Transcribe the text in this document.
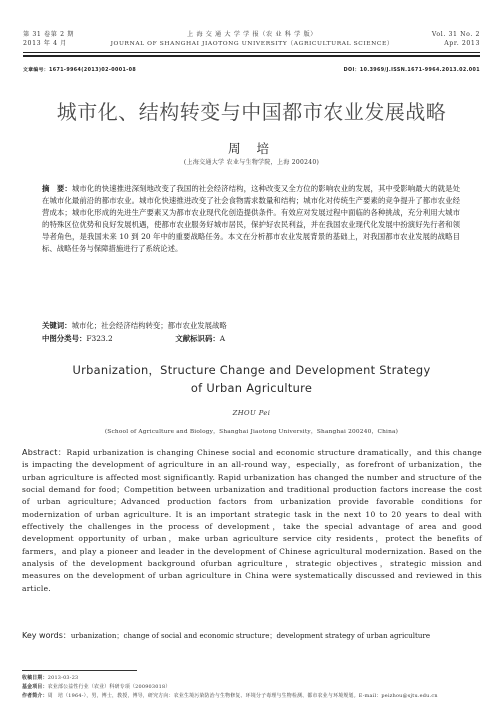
第 31 卷第 2 期
2013 年 4 月
上 海 交 通 大 学 学 报（农 业 科 学 版）
JOURNAL OF SHANGHAI JIAOTONG UNIVERSITY（AGRICULTURAL SCIENCE）
Vol. 31 No. 2
Apr. 2013
文章编号：1671-9964(2013)02-0001-08	DOI：10.3969/J.ISSN.1671-9964.2013.02.001
城市化、结构转变与中国都市农业发展战略
周 培
(上海交通大学 农业与生物学院，上海 200240)
摘　要：城市化的快速推进深刻地改变了我国的社会经济结构，这种改变又全方位的影响农业的发展，其中受影响最大的就是处在城市化最前沿的都市农业。城市化快速推进改变了社会食物需求数量和结构；城市化对传统生产要素的竞争提升了都市农业经营成本；城市化形成的先进生产要素又为都市农业现代化创造提供条件。有效应对发展过程中面临的各种挑战，充分利用大城市的特殊区位优势和良好发展机遇，使都市农业服务好城市居民，保护好农民利益，并在我国农业现代化发展中扮演好先行者和领导者角色，是我国未来 10 到 20 年中的重要战略任务。本文在分析都市农业发展背景的基础上，对我国都市农业发展的战略目标、战略任务与保障措施进行了系统论述。
关键词：城市化；社会经济结构转变；都市农业发展战略
中图分类号：F323.2	文献标识码：A
Urbanization，Structure Change and Development Strategy
of Urban Agriculture
ZHOU Pei
(School of Agriculture and Biology，Shanghai Jiaotong University，Shanghai 200240，China)
Abstract：Rapid urbanization is changing Chinese social and economic structure dramatically，and this change is impacting the development of agriculture in an all-round way，especially，as forefront of urbanization，the urban agriculture is affected most significantly. Rapid urbanization has changed the number and structure of the social demand for food；Competition between urbanization and traditional production factors increase the cost of urban agriculture；Advanced production factors from urbanization provide favorable conditions for modernization of urban agriculture. It is an important strategic task in the next 10 to 20 years to deal with effectively the challenges in the process of development，take the special advantage of area and good development opportunity of urban，make urban agriculture service city residents，protect the benefits of farmers，and play a pioneer and leader in the development of Chinese agricultural modernization. Based on the analysis of the development background ofurban agriculture，strategic objectives，strategic mission and measures on the development of urban agriculture in China were systematically discussed and reviewed in this article.
Key words：urbanization；change of social and economic structure；development strategy of urban agriculture
收稿日期：2013-03-23
基金项目：农业部公益性行业（农业）科研专项（200903018）
作者简介：周　培（1964-），男，博士，教授，博导，研究方向：农业生境污染防治与生物修复、环境分子毒理与生物检测、都市农业与环境规划。E-mail：peizhou@sjtu.edu.cn
